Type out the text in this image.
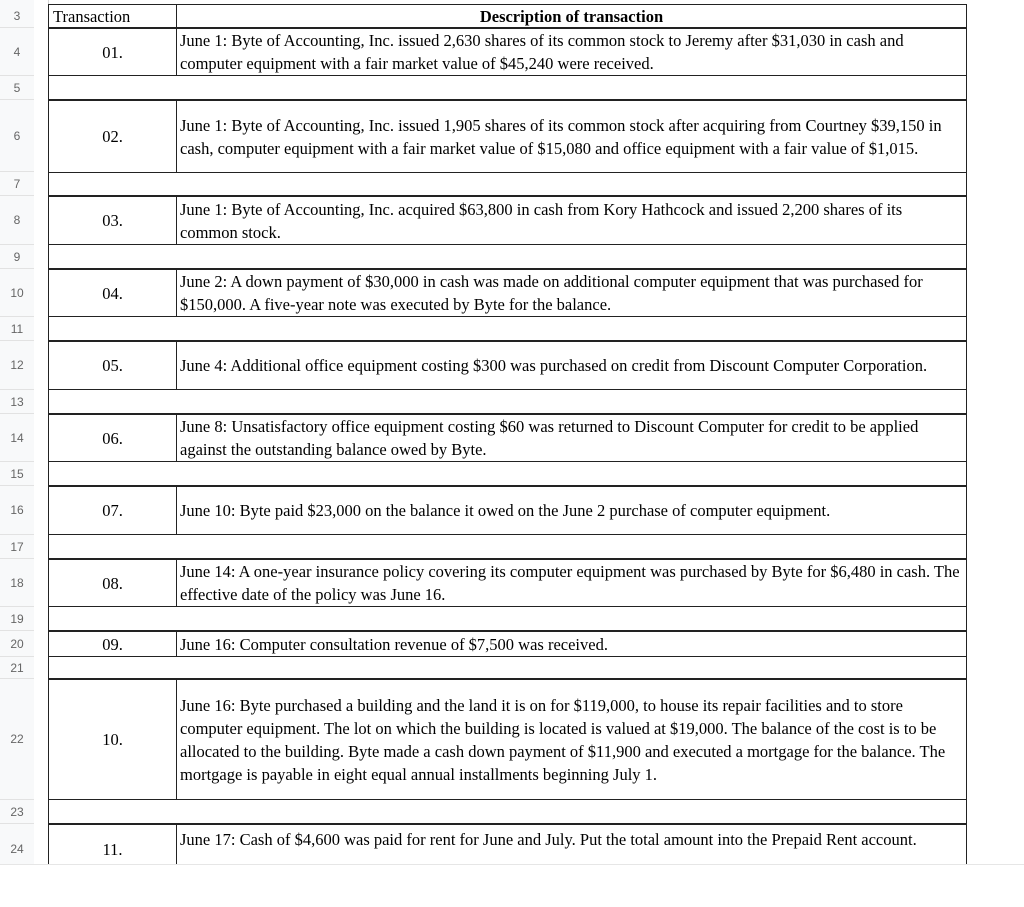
3
4
5
6
7
8
9
10
11
12
13
14
15
16
17
18
19
20
21
22
23
24
Transaction	Description of transaction
01.
June 1: Byte of Accounting, Inc. issued 2,630 shares of its common stock to Jeremy after $31,030 in cash and computer equipment with a fair market value of $45,240 were received.
02.
June 1: Byte of Accounting, Inc. issued 1,905 shares of its common stock after acquiring from Courtney $39,150 in cash, computer equipment with a fair market value of $15,080 and office equipment with a fair value of $1,015.
03.
June 1: Byte of Accounting, Inc. acquired $63,800 in cash from Kory Hathcock and issued 2,200 shares of its common stock.
04.
June 2: A down payment of $30,000 in cash was made on additional computer equipment that was purchased for $150,000. A five-year note was executed by Byte for the balance.
05.	June 4: Additional office equipment costing $300 was purchased on credit from Discount Computer Corporation.
06.
June 8: Unsatisfactory office equipment costing $60 was returned to Discount Computer for credit to be applied against the outstanding balance owed by Byte.
07.	June 10: Byte paid $23,000 on the balance it owed on the June 2 purchase of computer equipment.
08.
June 14: A one-year insurance policy covering its computer equipment was purchased by Byte for $6,480 in cash. The effective date of the policy was June 16.
09.	June 16: Computer consultation revenue of $7,500 was received.
10.
June 16: Byte purchased a building and the land it is on for $119,000, to house its repair facilities and to store computer equipment. The lot on which the building is located is valued at $19,000. The balance of the cost is to be allocated to the building. Byte made a cash down payment of $11,900 and executed a mortgage for the balance. The mortgage is payable in eight equal annual installments beginning July 1.
11.	June 17: Cash of $4,600 was paid for rent for June and July. Put the total amount into the Prepaid Rent account.
